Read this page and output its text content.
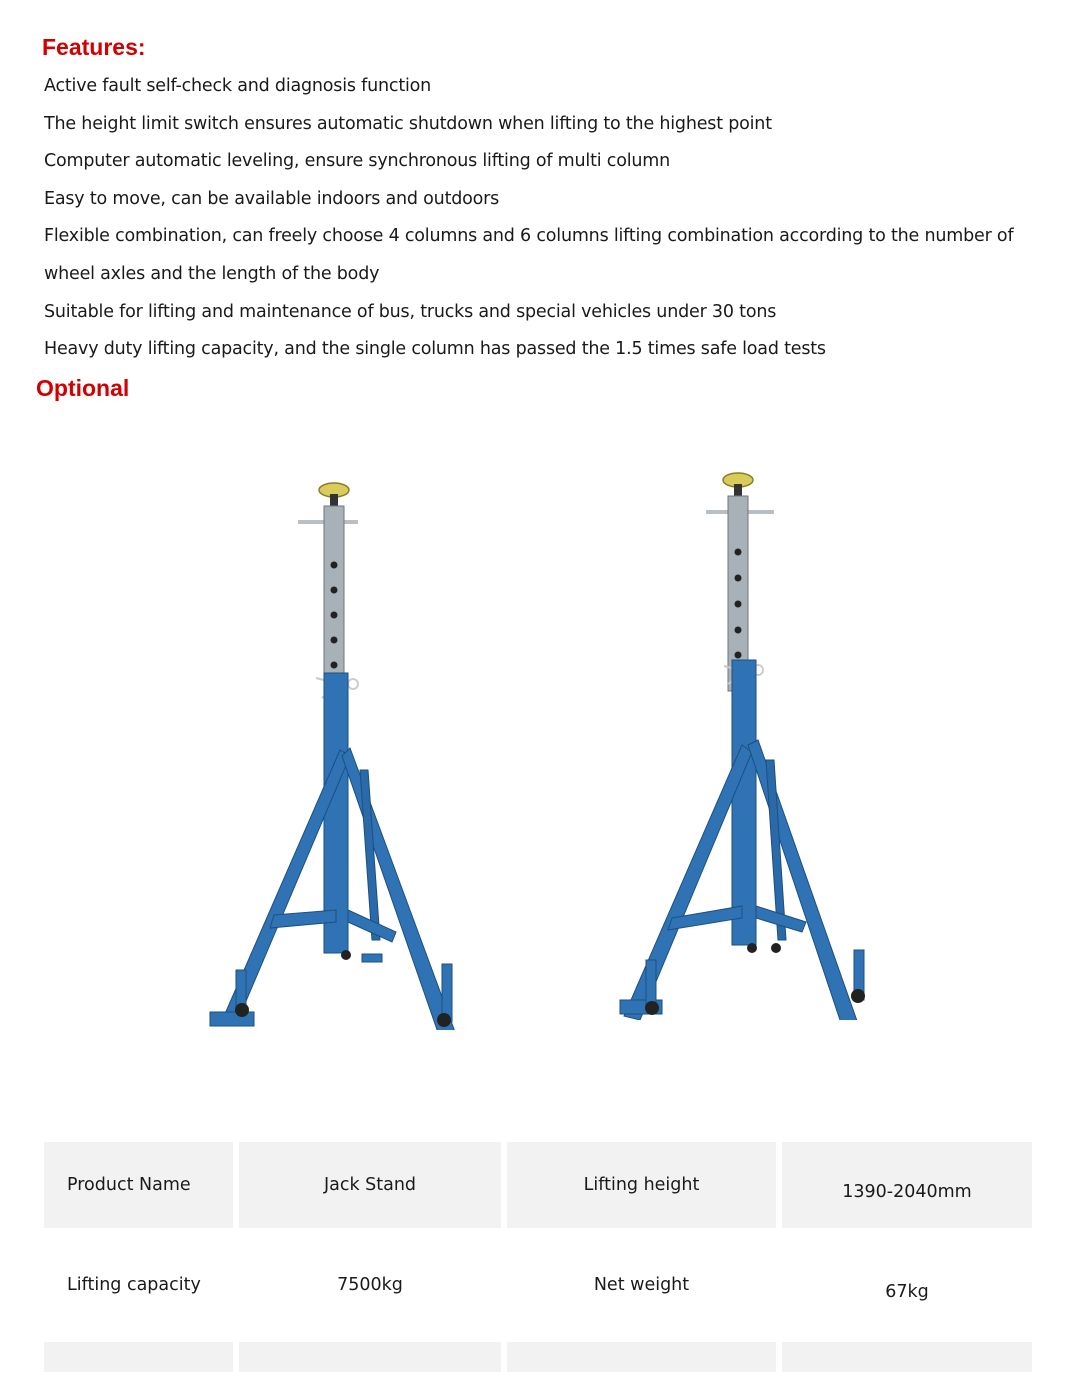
Features:
Active fault self-check and diagnosis function
The height limit switch ensures automatic shutdown when lifting to the highest point
Computer automatic leveling, ensure synchronous lifting of multi column
Easy to move, can be available indoors and outdoors
Flexible combination, can freely choose 4 columns and 6 columns lifting combination according to the number of
wheel axles and the length of the body
Suitable for lifting and maintenance of bus, trucks and special vehicles under 30 tons
Heavy duty lifting capacity, and the single column has passed the 1.5 times safe load tests
Optional
Product Name	Jack Stand	Lifting height	1390-2040mm
Lifting capacity	7500kg	Net weight	67kg
